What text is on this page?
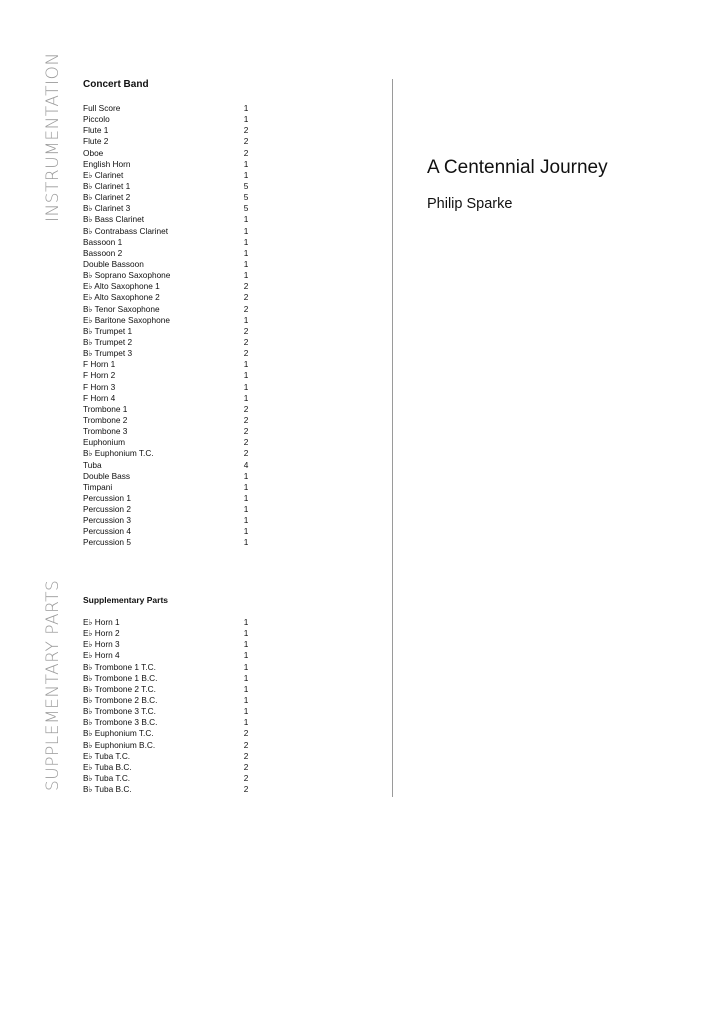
INSTRUMENTATION
SUPPLEMENTARY PARTS
Concert Band
Full Score	1
Piccolo	1
Flute 1	2
Flute 2	2
Oboe	2
English Horn	1
E♭ Clarinet	1
B♭ Clarinet 1	5
B♭ Clarinet 2	5
B♭ Clarinet 3	5
B♭ Bass Clarinet	1
B♭ Contrabass Clarinet	1
Bassoon 1	1
Bassoon 2	1
Double Bassoon	1
B♭ Soprano Saxophone	1
E♭ Alto Saxophone 1	2
E♭ Alto Saxophone 2	2
B♭ Tenor Saxophone	2
E♭ Baritone Saxophone	1
B♭ Trumpet 1	2
B♭ Trumpet 2	2
B♭ Trumpet 3	2
F Horn 1	1
F Horn 2	1
F Horn 3	1
F Horn 4	1
Trombone 1	2
Trombone 2	2
Trombone 3	2
Euphonium	2
B♭ Euphonium T.C.	2
Tuba	4
Double Bass	1
Timpani	1
Percussion 1	1
Percussion 2	1
Percussion 3	1
Percussion 4	1
Percussion 5	1
Supplementary Parts
E♭ Horn 1	1
E♭ Horn 2	1
E♭ Horn 3	1
E♭ Horn 4	1
B♭ Trombone 1 T.C.	1
B♭ Trombone 1 B.C.	1
B♭ Trombone 2 T.C.	1
B♭ Trombone 2 B.C.	1
B♭ Trombone 3 T.C.	1
B♭ Trombone 3 B.C.	1
B♭ Euphonium T.C.	2
B♭ Euphonium B.C.	2
E♭ Tuba T.C.	2
E♭ Tuba B.C.	2
B♭ Tuba T.C.	2
B♭ Tuba B.C.	2
A Centennial Journey
Philip Sparke
